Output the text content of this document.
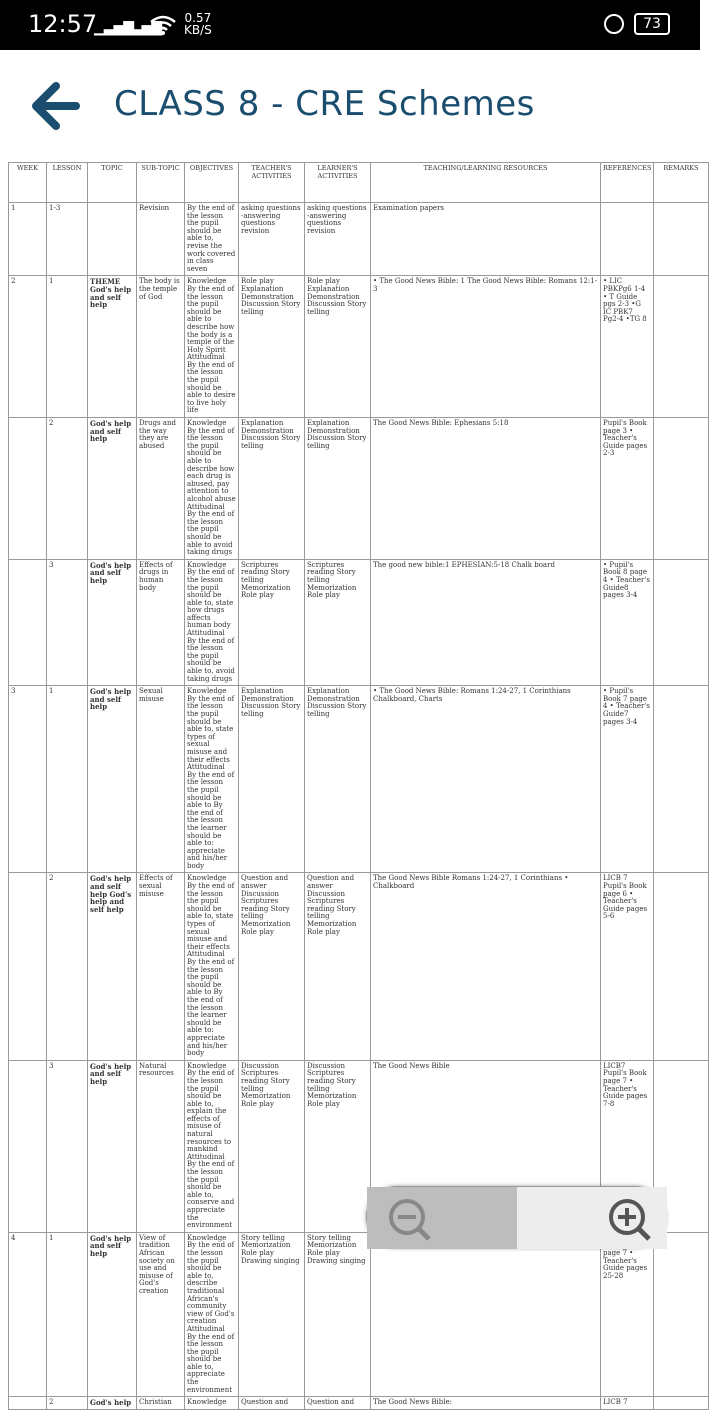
12:57
▁▃▅▇
▁▃▅▇
0.57
KB/S	73
CLASS 8 - CRE Schemes
WEEK	LESSON	TOPIC	SUB-TOPIC	OBJECTIVES	TEACHER'S ACTIVITIES	LEARNER'S ACTIVITIES	TEACHING/LEARNING RESOURCES	REFERENCES	REMARKS
1	1-3		Revision	By the end of the lesson the pupil should be able to, revise the work covered in class seven	asking questions -answering questions revision	asking questions -answering questions revision	Examination papers		
2	1	THEME God's help and self help	The body is the temple of God	Knowledge By the end of the lesson the pupil should be able to describe how the body is a temple of the Holy Spirit Attitudinal By the end of the lesson the pupil should be able to desire to live holy life	Role play Explanation Demonstration Discussion Story telling	Role play Explanation Demonstration Discussion Story telling	• The Good News Bible: 1 The Good News Bible: Romans 12:1-3	• LIC PBKPg6 1-4 • T Guide pgs 2-3 •G IC PBK7 Pg2-4 •TG 8	
	2	God's help and self help	Drugs and the way they are abused	Knowledge By the end of the lesson the pupil should be able to describe how each drug is abused, pay attention to alcohol abuse Attitudinal By the end of the lesson the pupil should be able to avoid taking drugs	Explanation Demonstration Discussion Story telling	Explanation Demonstration Discussion Story telling	The Good News Bible: Ephesians 5:18	Pupil's Book page 3 • Teacher's Guide pages 2-3	
	3	God's help and self help	Effects of drugs in human body	Knowledge By the end of the lesson the pupil should be able to, state how drugs affects human body Attitudinal By the end of the lesson the pupil should be able to, avoid taking drugs	Scriptures reading Story telling Memorization Role play	Scriptures reading Story telling Memorization Role play	The good new bible:1 EPHESIAN:5-18 Chalk board	• Pupil's Book 8 page 4 • Teacher's Guide8 pages 3-4	
3	1	God's help and self help	Sexual misuse	Knowledge By the end of the lesson the pupil should be able to, state types of sexual misuse and their effects Attitudinal By the end of the lesson the pupil should be able to By the end of the lesson the learner should be able to: appreciate and his/her body	Explanation Demonstration Discussion Story telling	Explanation Demonstration Discussion Story telling	• The Good News Bible: Romans 1:24-27, 1 Corinthians Chalkboard, Charts	• Pupil's Book 7 page 4 • Teacher's Guide7 pages 3-4	
	2	God's help and self help God's help and self help	Effects of sexual misuse	Knowledge By the end of the lesson the pupil should be able to, state types of sexual misuse and their effects Attitudinal By the end of the lesson the pupil should be able to By the end of the lesson the learner should be able to: appreciate and his/her body	Question and answer Discussion Scriptures reading Story telling Memorization Role play	Question and answer Discussion Scriptures reading Story telling Memorization Role play	The Good News Bible Romans 1:24-27, 1 Corinthians • Chalkboard	LICB 7 Pupil's Book page 6 • Teacher's Guide pages 5-6	
	3	God's help and self help	Natural resources	Knowledge By the end of the lesson the pupil should be able to, explain the effects of misuse of natural resources to mankind Attitudinal By the end of the lesson the pupil should be able to, conserve and appreciate the environment	Discussion Scriptures reading Story telling Memorization Role play	Discussion Scriptures reading Story telling Memorization Role play	The Good News Bible	LICB7 Pupil's Book page 7 • Teacher's Guide pages 7-8	
4	1	God's help and self help	View of tradition African society on use and misuse of God's creation	Knowledge By the end of the lesson the pupil should be able to, describe traditional African's community view of God's creation Attitudinal By the end of the lesson the pupil should be able to, appreciate the environment	Story telling Memorization Role play Drawing singing	Story telling Memorization Role play Drawing singing		page 7 • Teacher's Guide pages 25-28	
	2	God's help	Christian	Knowledge	Question and	Question and	The Good News Bible:	LICB 7	
